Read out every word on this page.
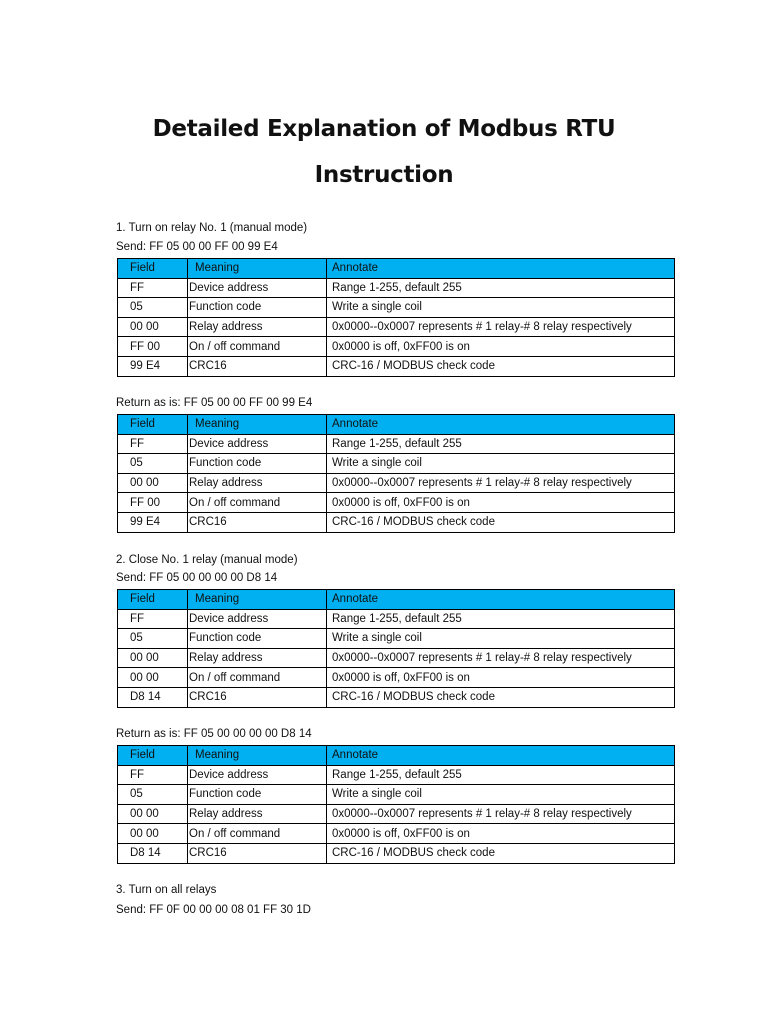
Detailed Explanation of Modbus RTU
Instruction
1. Turn on relay No. 1 (manual mode)
Send: FF 05 00 00 FF 00 99 E4
Field	Meaning	Annotate
FF	Device address	Range 1-255, default 255
05	Function code	Write a single coil
00 00	Relay address	0x0000--0x0007 represents # 1 relay-# 8 relay respectively
FF 00	On / off command	0x0000 is off, 0xFF00 is on
99 E4	CRC16	CRC-16 / MODBUS check code
Return as is: FF 05 00 00 FF 00 99 E4
Field	Meaning	Annotate
FF	Device address	Range 1-255, default 255
05	Function code	Write a single coil
00 00	Relay address	0x0000--0x0007 represents # 1 relay-# 8 relay respectively
FF 00	On / off command	0x0000 is off, 0xFF00 is on
99 E4	CRC16	CRC-16 / MODBUS check code
2. Close No. 1 relay (manual mode)
Send: FF 05 00 00 00 00 D8 14
Field	Meaning	Annotate
FF	Device address	Range 1-255, default 255
05	Function code	Write a single coil
00 00	Relay address	0x0000--0x0007 represents # 1 relay-# 8 relay respectively
00 00	On / off command	0x0000 is off, 0xFF00 is on
D8 14	CRC16	CRC-16 / MODBUS check code
Return as is: FF 05 00 00 00 00 D8 14
Field	Meaning	Annotate
FF	Device address	Range 1-255, default 255
05	Function code	Write a single coil
00 00	Relay address	0x0000--0x0007 represents # 1 relay-# 8 relay respectively
00 00	On / off command	0x0000 is off, 0xFF00 is on
D8 14	CRC16	CRC-16 / MODBUS check code
3. Turn on all relays
Send: FF 0F 00 00 00 08 01 FF 30 1D
